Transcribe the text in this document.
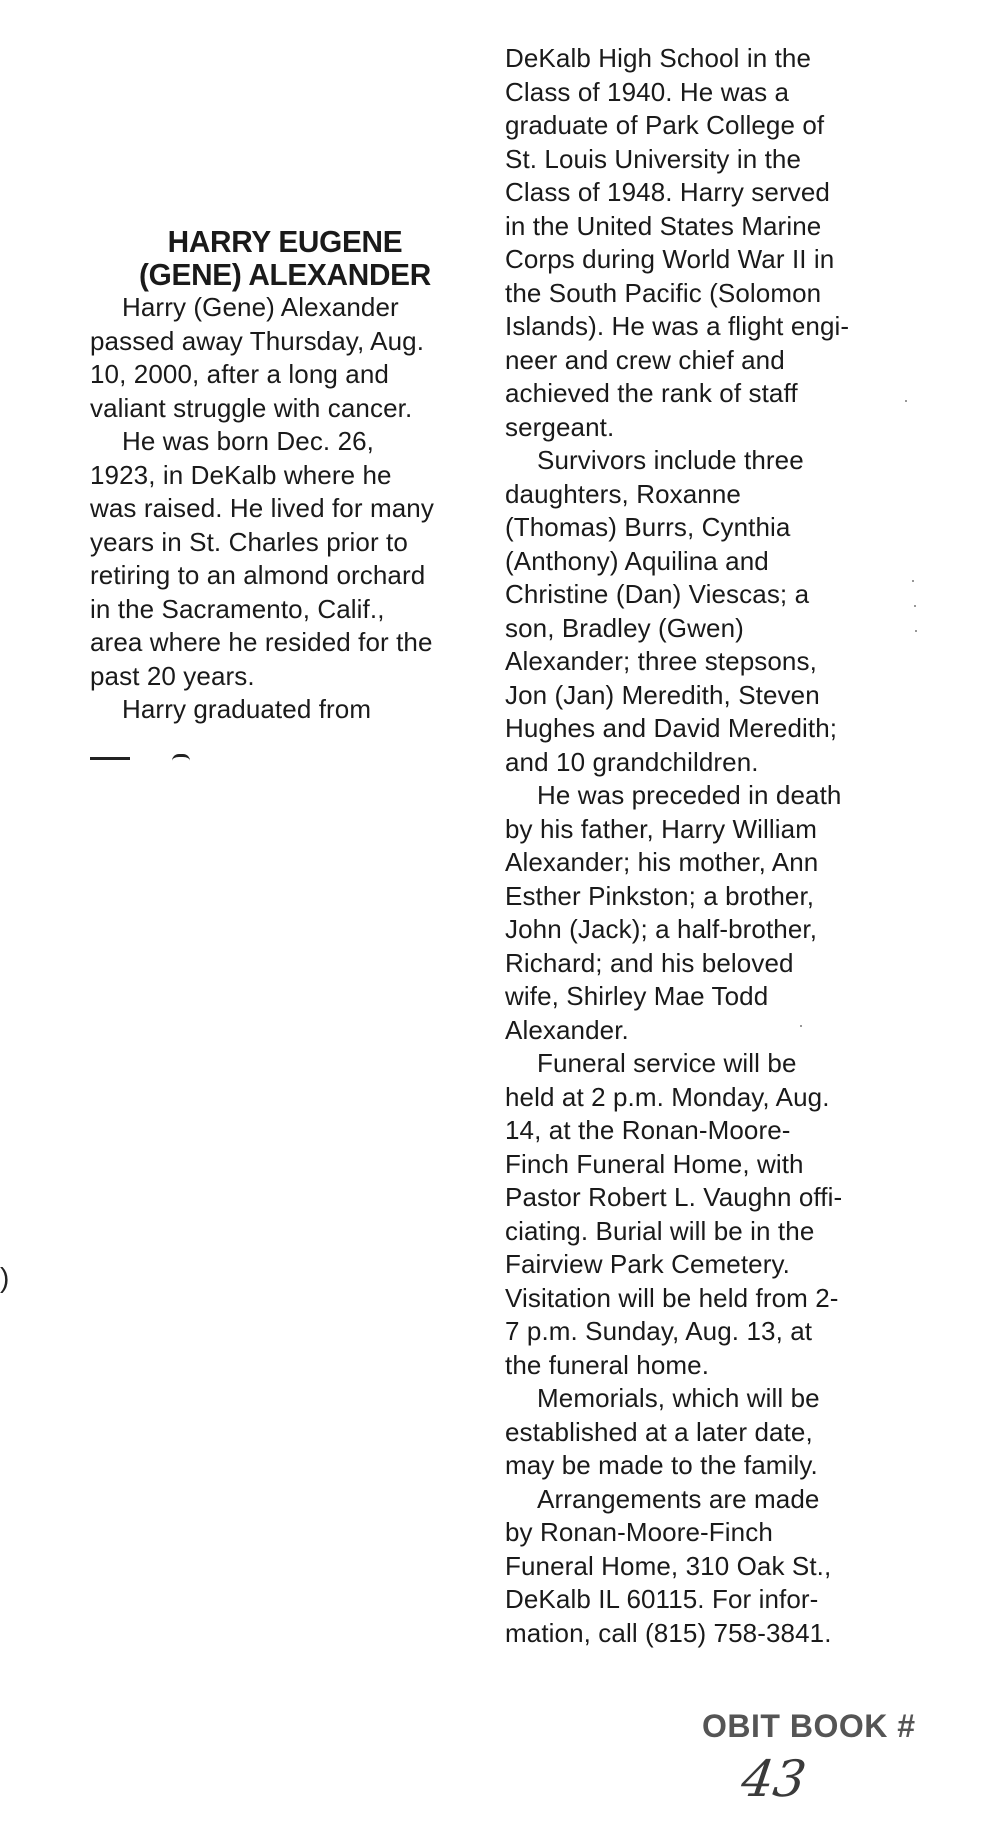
HARRY EUGENE
(GENE) ALEXANDER
Harry (Gene) Alexander
passed away Thursday, Aug.
10, 2000, after a long and
valiant struggle with cancer.
He was born Dec. 26,
1923, in DeKalb where he
was raised. He lived for many
years in St. Charles prior to
retiring to an almond orchard
in the Sacramento, Calif.,
area where he resided for the
past 20 years.
Harry graduated from
DeKalb High School in the
Class of 1940. He was a
graduate of Park College of
St. Louis University in the
Class of 1948. Harry served
in the United States Marine
Corps during World War II in
the South Pacific (Solomon
Islands). He was a flight engi-
neer and crew chief and
achieved the rank of staff
sergeant.
Survivors include three
daughters, Roxanne
(Thomas) Burrs, Cynthia
(Anthony) Aquilina and
Christine (Dan) Viescas; a
son, Bradley (Gwen)
Alexander; three stepsons,
Jon (Jan) Meredith, Steven
Hughes and David Meredith;
and 10 grandchildren.
He was preceded in death
by his father, Harry William
Alexander; his mother, Ann
Esther Pinkston; a brother,
John (Jack); a half-brother,
Richard; and his beloved
wife, Shirley Mae Todd
Alexander.
Funeral service will be
held at 2 p.m. Monday, Aug.
14, at the Ronan-Moore-
Finch Funeral Home, with
Pastor Robert L. Vaughn offi-
ciating. Burial will be in the
Fairview Park Cemetery.
Visitation will be held from 2-
7 p.m. Sunday, Aug. 13, at
the funeral home.
Memorials, which will be
established at a later date,
may be made to the family.
Arrangements are made
by Ronan-Moore-Finch
Funeral Home, 310 Oak St.,
DeKalb IL 60115. For infor-
mation, call (815) 758-3841.
)
OBIT BOOK #
43
